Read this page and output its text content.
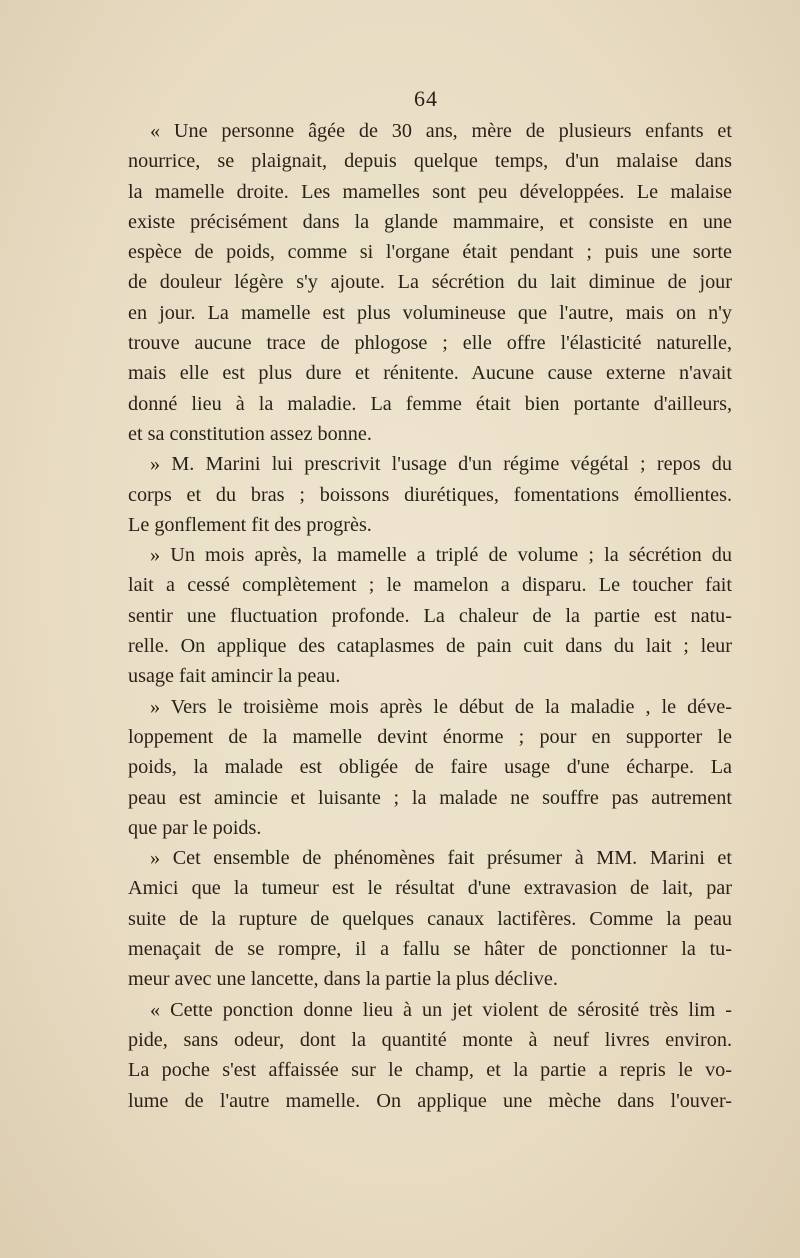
64
« Une personne âgée de 30 ans, mère de plusieurs enfants et
nourrice, se plaignait, depuis quelque temps, d'un malaise dans
la mamelle droite. Les mamelles sont peu développées. Le malaise
existe précisément dans la glande mammaire, et consiste en une
espèce de poids, comme si l'organe était pendant ; puis une sorte
de douleur légère s'y ajoute. La sécrétion du lait diminue de jour
en jour. La mamelle est plus volumineuse que l'autre, mais on n'y
trouve aucune trace de phlogose ; elle offre l'élasticité naturelle,
mais elle est plus dure et rénitente. Aucune cause externe n'avait
donné lieu à la maladie. La femme était bien portante d'ailleurs,
et sa constitution assez bonne.
» M. Marini lui prescrivit l'usage d'un régime végétal ; repos du
corps et du bras ; boissons diurétiques, fomentations émollientes.
Le gonflement fit des progrès.
» Un mois après, la mamelle a triplé de volume ; la sécrétion du
lait a cessé complètement ; le mamelon a disparu. Le toucher fait
sentir une fluctuation profonde. La chaleur de la partie est natu-
relle. On applique des cataplasmes de pain cuit dans du lait ; leur
usage fait amincir la peau.
» Vers le troisième mois après le début de la maladie , le déve-
loppement de la mamelle devint énorme ; pour en supporter le
poids, la malade est obligée de faire usage d'une écharpe. La
peau est amincie et luisante ; la malade ne souffre pas autrement
que par le poids.
» Cet ensemble de phénomènes fait présumer à MM. Marini et
Amici que la tumeur est le résultat d'une extravasion de lait, par
suite de la rupture de quelques canaux lactifères. Comme la peau
menaçait de se rompre, il a fallu se hâter de ponctionner la tu-
meur avec une lancette, dans la partie la plus déclive.
« Cette ponction donne lieu à un jet violent de sérosité très lim -
pide, sans odeur, dont la quantité monte à neuf livres environ.
La poche s'est affaissée sur le champ, et la partie a repris le vo-
lume de l'autre mamelle. On applique une mèche dans l'ouver-
